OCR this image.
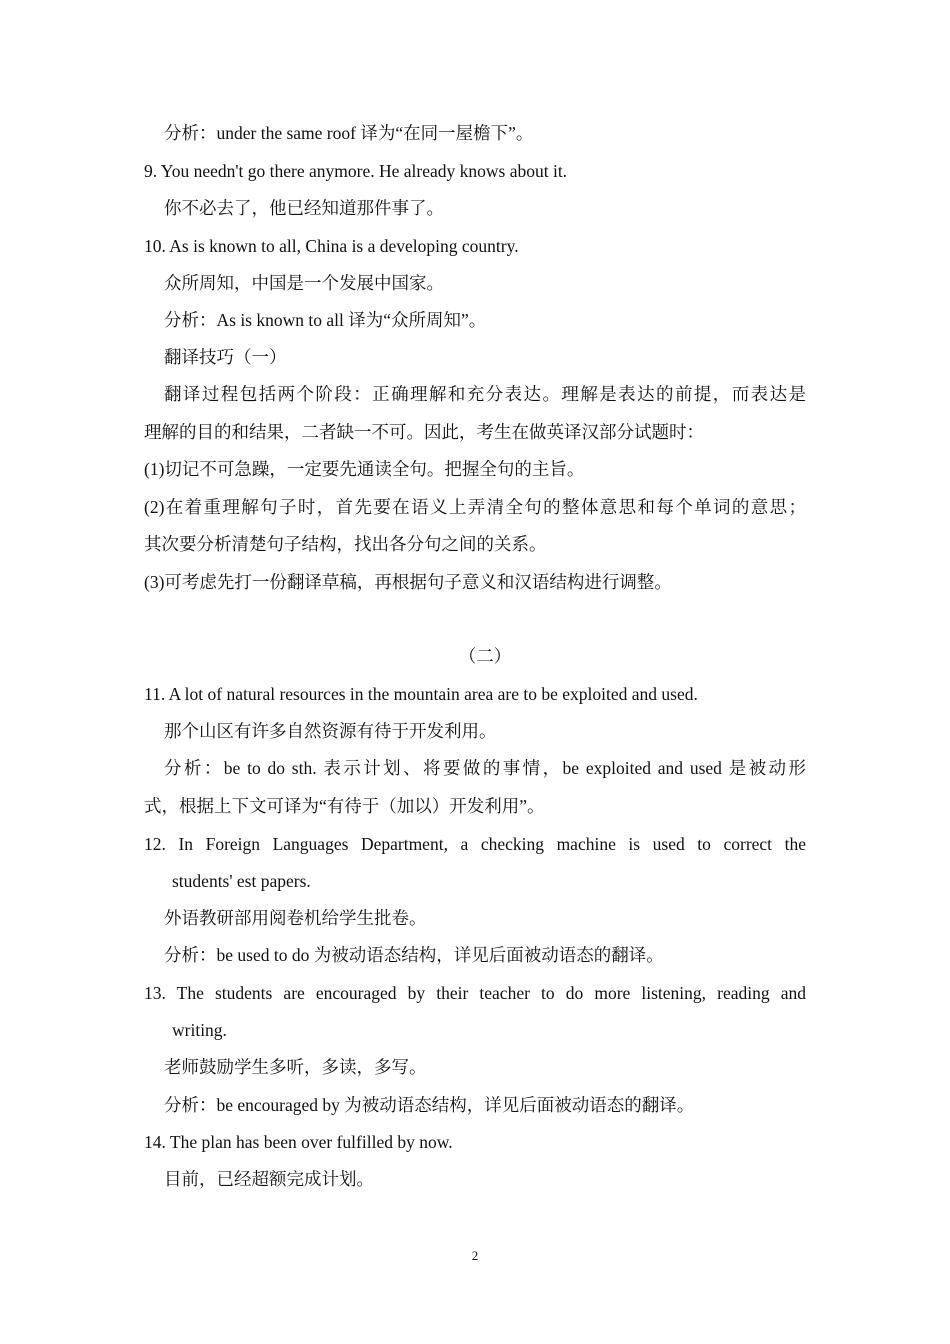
分析：under the same roof 译为“在同一屋檐下”。
9. You needn't go there anymore. He already knows about it.
你不必去了，他已经知道那件事了。
10. As is known to all, China is a developing country.
众所周知，中国是一个发展中国家。
分析：As is known to all 译为“众所周知”。
翻译技巧（一）
翻译过程包括两个阶段：正确理解和充分表达。理解是表达的前提，而表达是
理解的目的和结果，二者缺一不可。因此，考生在做英译汉部分试题时：
(1)切记不可急躁，一定要先通读全句。把握全句的主旨。
(2)在着重理解句子时，首先要在语义上弄清全句的整体意思和每个单词的意思；
其次要分析清楚句子结构，找出各分句之间的关系。
(3)可考虑先打一份翻译草稿，再根据句子意义和汉语结构进行调整。
（二）
11. A lot of natural resources in the mountain area are to be exploited and used.
那个山区有许多自然资源有待于开发利用。
分析：be to do sth. 表示计划、将要做的事情，be exploited and used 是被动形
式，根据上下文可译为“有待于（加以）开发利用”。
12. In Foreign Languages Department, a checking machine is used to correct the
students' est papers.
外语教研部用阅卷机给学生批卷。
分析：be used to do 为被动语态结构，详见后面被动语态的翻译。
13. The students are encouraged by their teacher to do more listening, reading and
writing.
老师鼓励学生多听，多读，多写。
分析：be encouraged by 为被动语态结构，详见后面被动语态的翻译。
14. The plan has been over fulfilled by now.
目前，已经超额完成计划。
2
